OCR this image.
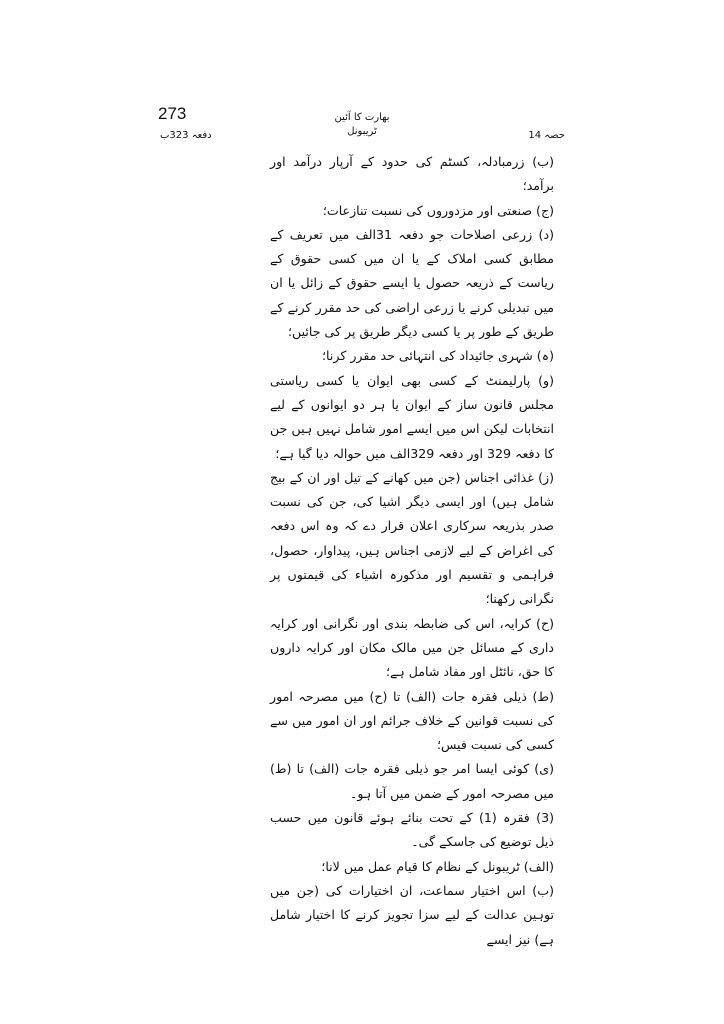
273	بھارت کا آئین
ٹریبونل
دفعہ 323ب	حصہ 14

(ب) زرمبادلہ، کسٹم کی حدود کے آرپار درآمد اور برآمد؛

(ج) صنعتی اور مزدوروں کی نسبت تنازعات؛

(د) زرعی اصلاحات جو دفعہ 31الف میں تعریف کے مطابق کسی املاک کے یا ان میں کسی حقوق کے ریاست کے ذریعہ حصول یا ایسے حقوق کے زائل یا ان میں تبدیلی کرنے یا زرعی اراضی کی حد مقرر کرنے کے طریق کے طور پر یا کسی دیگر طریق پر کی جائیں؛

(ہ) شہری جائیداد کی انتہائی حد مقرر کرنا؛

(و) پارلیمنٹ کے کسی بھی ایوان یا کسی ریاستی مجلس قانون ساز کے ایوان یا ہر دو ایوانوں کے لیے انتخابات لیکن اس میں ایسے امور شامل نہیں ہیں جن کا دفعہ 329 اور دفعہ 329الف میں حوالہ دیا گیا ہے؛

(ز) غذائی اجناس (جن میں کھانے کے تیل اور ان کے بیج شامل ہیں) اور ایسی دیگر اشیا کی، جن کی نسبت صدر بذریعہ سرکاری اعلان قرار دے کہ وہ اس دفعہ کی اغراض کے لیے لازمی اجناس ہیں، پیداوار، حصول، فراہمی و تقسیم اور مذکورہ اشیاء کی قیمتوں پر نگرانی رکھنا؛

(ح) کرایہ، اس کی ضابطہ بندی اور نگرانی اور کرایہ داری کے مسائل جن میں مالک مکان اور کرایہ داروں کا حق، نائٹل اور مفاد شامل ہے؛

(ط) ذیلی فقرہ جات (الف) تا (ح) میں مصرحہ امور کی نسبت قوانین کے خلاف جرائم اور ان امور میں سے کسی کی نسبت فیس؛

(ی) کوئی ایسا امر جو ذیلی فقرہ جات (الف) تا (ط) میں مصرحہ امور کے ضمن میں آتا ہو۔

(3) فقرہ (1) کے تحت بنائے ہوئے قانون میں حسب ذیل توضیع کی جاسکے گی۔

(الف) ٹریبونل کے نظام کا قیام عمل میں لانا؛

(ب) اس اختیار سماعت، ان اختیارات کی (جن میں توہین عدالت کے لیے سزا تجویز کرنے کا اختیار شامل ہے) نیز ایسے
